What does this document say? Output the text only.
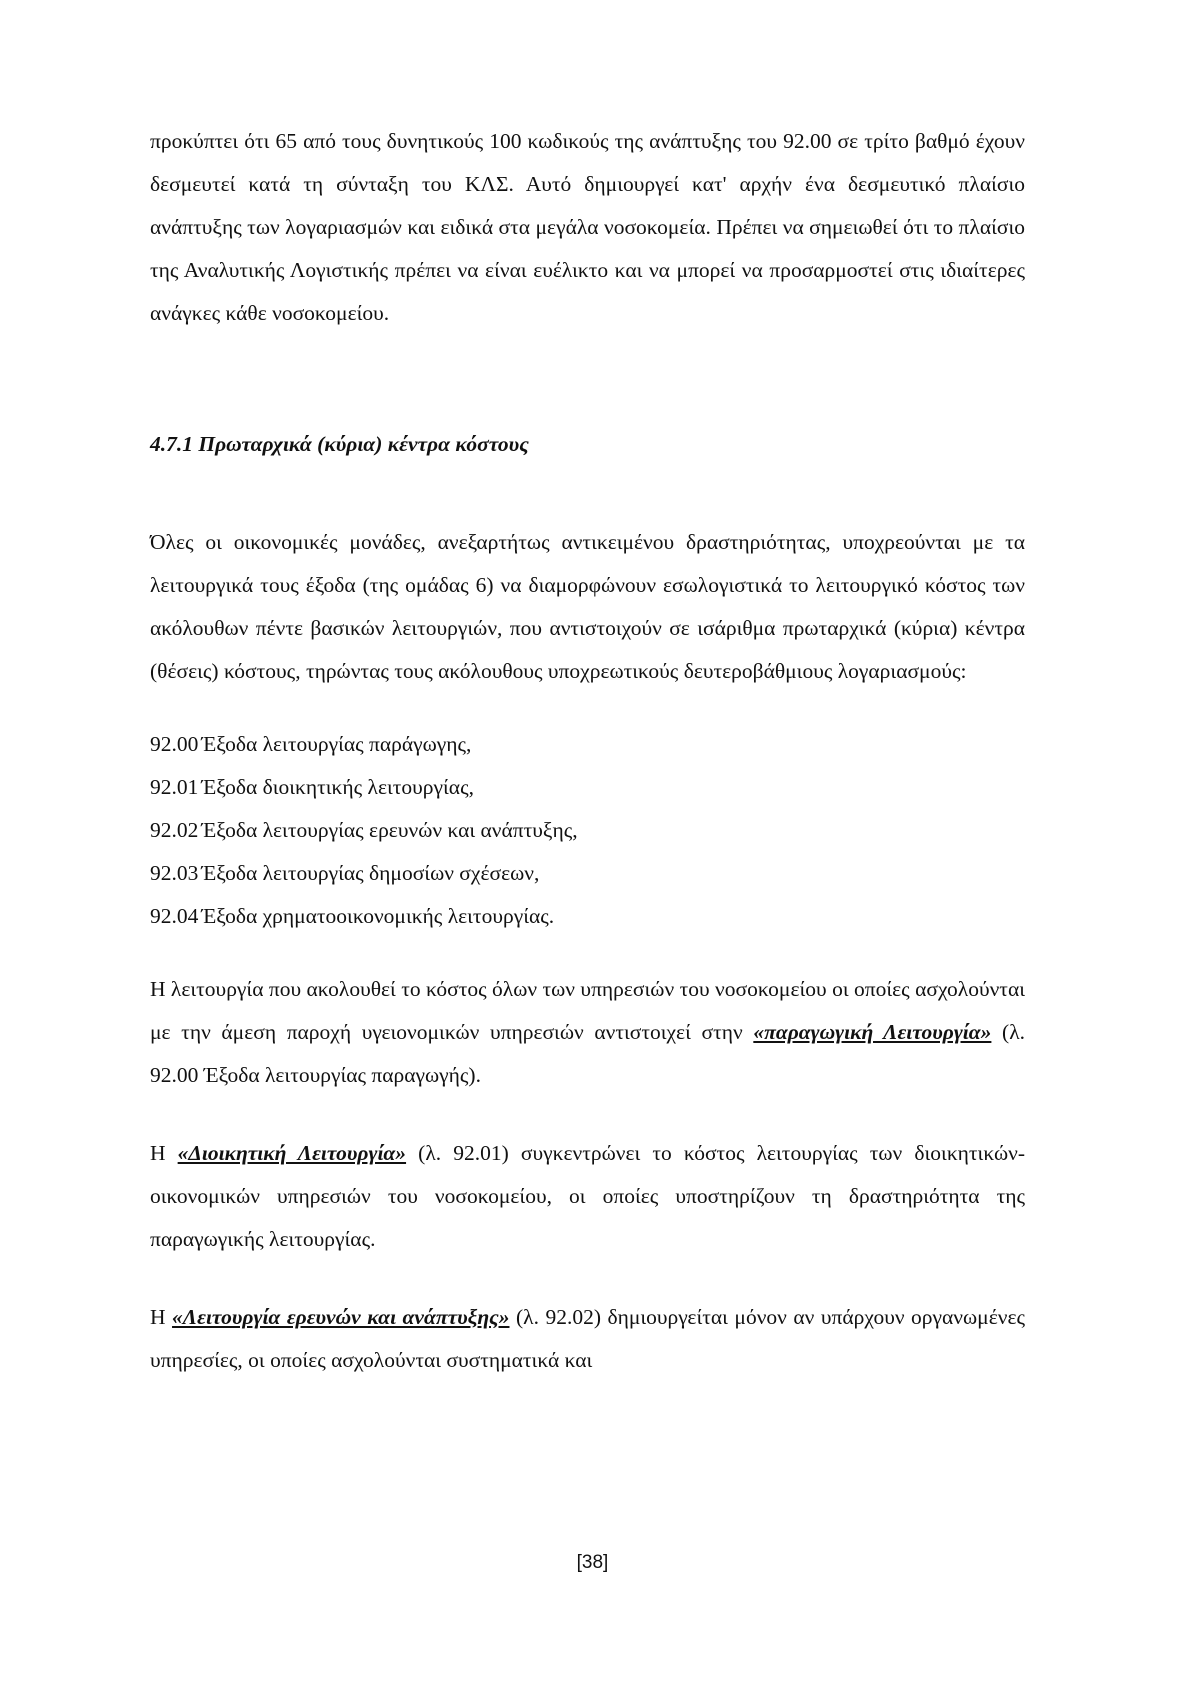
προκύπτει ότι 65 από τους δυνητικούς 100 κωδικούς της ανάπτυξης του 92.00 σε τρίτο βαθμό έχουν δεσμευτεί κατά τη σύνταξη του ΚΛΣ. Αυτό δημιουργεί κατ' αρχήν ένα δεσμευτικό πλαίσιο ανάπτυξης των λογαριασμών και ειδικά στα μεγάλα νοσοκομεία. Πρέπει να σημειωθεί ότι το πλαίσιο της Αναλυτικής Λογιστικής πρέπει να είναι ευέλικτο και να μπορεί να προσαρμοστεί στις ιδιαίτερες ανάγκες κάθε νοσοκομείου.

4.7.1 Πρωταρχικά (κύρια) κέντρα κόστους

Όλες οι οικονομικές μονάδες, ανεξαρτήτως αντικειμένου δραστηριότητας, υποχρεούνται με τα λειτουργικά τους έξοδα (της ομάδας 6) να διαμορφώνουν εσωλογιστικά το λειτουργικό κόστος των ακόλουθων πέντε βασικών λειτουργιών, που αντιστοιχούν σε ισάριθμα πρωταρχικά (κύρια) κέντρα (θέσεις) κόστους, τηρώντας τους ακόλουθους υποχρεωτικούς δευτεροβάθμιους λογαριασμούς:

92.00 Έξοδα λειτουργίας παράγωγης,
92.01 Έξοδα διοικητικής λειτουργίας,
92.02 Έξοδα λειτουργίας ερευνών και ανάπτυξης,
92.03 Έξοδα λειτουργίας δημοσίων σχέσεων,
92.04 Έξοδα χρηματοοικονομικής λειτουργίας.

Η λειτουργία που ακολουθεί το κόστος όλων των υπηρεσιών του νοσοκομείου οι οποίες ασχολούνται με την άμεση παροχή υγειονομικών υπηρεσιών αντιστοιχεί στην «παραγωγική Λειτουργία» (λ. 92.00 Έξοδα λειτουργίας παραγωγής).

Η «Διοικητική Λειτουργία» (λ. 92.01) συγκεντρώνει το κόστος λειτουργίας των διοικητικών-οικονομικών υπηρεσιών του νοσοκομείου, οι οποίες υποστηρίζουν τη δραστηριότητα της παραγωγικής λειτουργίας.

Η «Λειτουργία ερευνών και ανάπτυξης» (λ. 92.02) δημιουργείται μόνον αν υπάρχουν οργανωμένες υπηρεσίες, οι οποίες ασχολούνται συστηματικά και

[38]
